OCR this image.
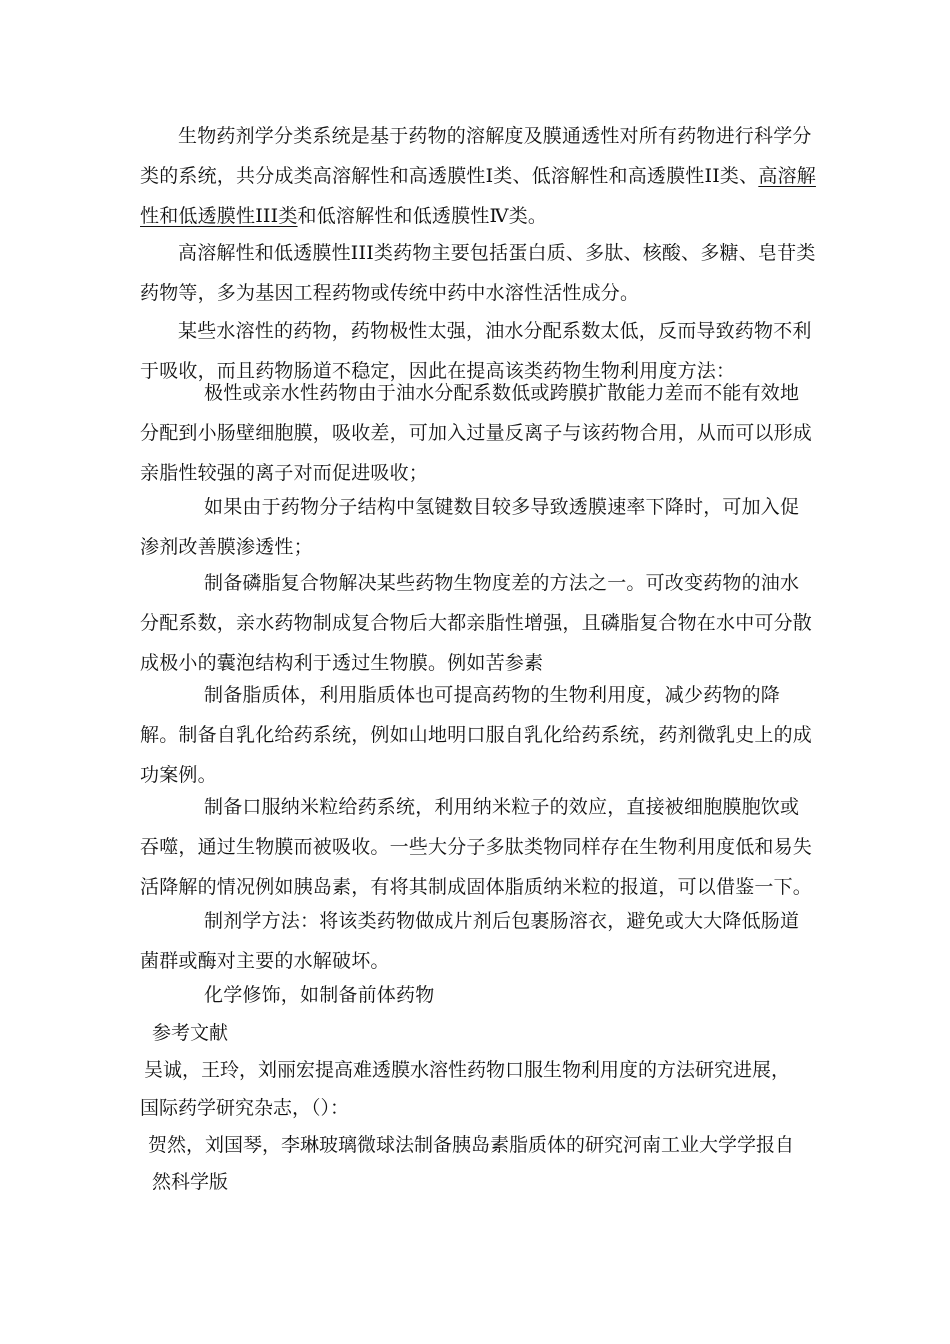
生物药剂学分类系统是基于药物的溶解度及膜通透性对所有药物进行科学分类的系统，共分成类高溶解性和高透膜性Ⅰ类、低溶解性和高透膜性II类、高溶解性和低透膜性III类和低溶解性和低透膜性Ⅳ类。

高溶解性和低透膜性III类药物主要包括蛋白质、多肽、核酸、多糖、皂苷类药物等，多为基因工程药物或传统中药中水溶性活性成分。

某些水溶性的药物，药物极性太强，油水分配系数太低，反而导致药物不利于吸收，而且药物肠道不稳定，因此在提高该类药物生物利用度方法：

极性或亲水性药物由于油水分配系数低或跨膜扩散能力差而不能有效地分配到小肠壁细胞膜，吸收差，可加入过量反离子与该药物合用，从而可以形成亲脂性较强的离子对而促进吸收；

如果由于药物分子结构中氢键数目较多导致透膜速率下降时，可加入促渗剂改善膜渗透性；

制备磷脂复合物解决某些药物生物度差的方法之一。可改变药物的油水分配系数，亲水药物制成复合物后大都亲脂性增强，且磷脂复合物在水中可分散成极小的囊泡结构利于透过生物膜。例如苦参素

制备脂质体，利用脂质体也可提高药物的生物利用度，减少药物的降解。制备自乳化给药系统，例如山地明口服自乳化给药系统，药剂微乳史上的成功案例。

制备口服纳米粒给药系统，利用纳米粒子的效应，直接被细胞膜胞饮或吞噬，通过生物膜而被吸收。一些大分子多肽类物同样存在生物利用度低和易失活降解的情况例如胰岛素，有将其制成固体脂质纳米粒的报道，可以借鉴一下。

制剂学方法：将该类药物做成片剂后包裹肠溶衣，避免或大大降低肠道菌群或酶对主要的水解破坏。

化学修饰，如制备前体药物

参考文献

吴诚，王玲，刘丽宏提高难透膜水溶性药物口服生物利用度的方法研究进展，

国际药学研究杂志，（）：

贺然，刘国琴，李琳玻璃微球法制备胰岛素脂质体的研究河南工业大学学报自

然科学版
